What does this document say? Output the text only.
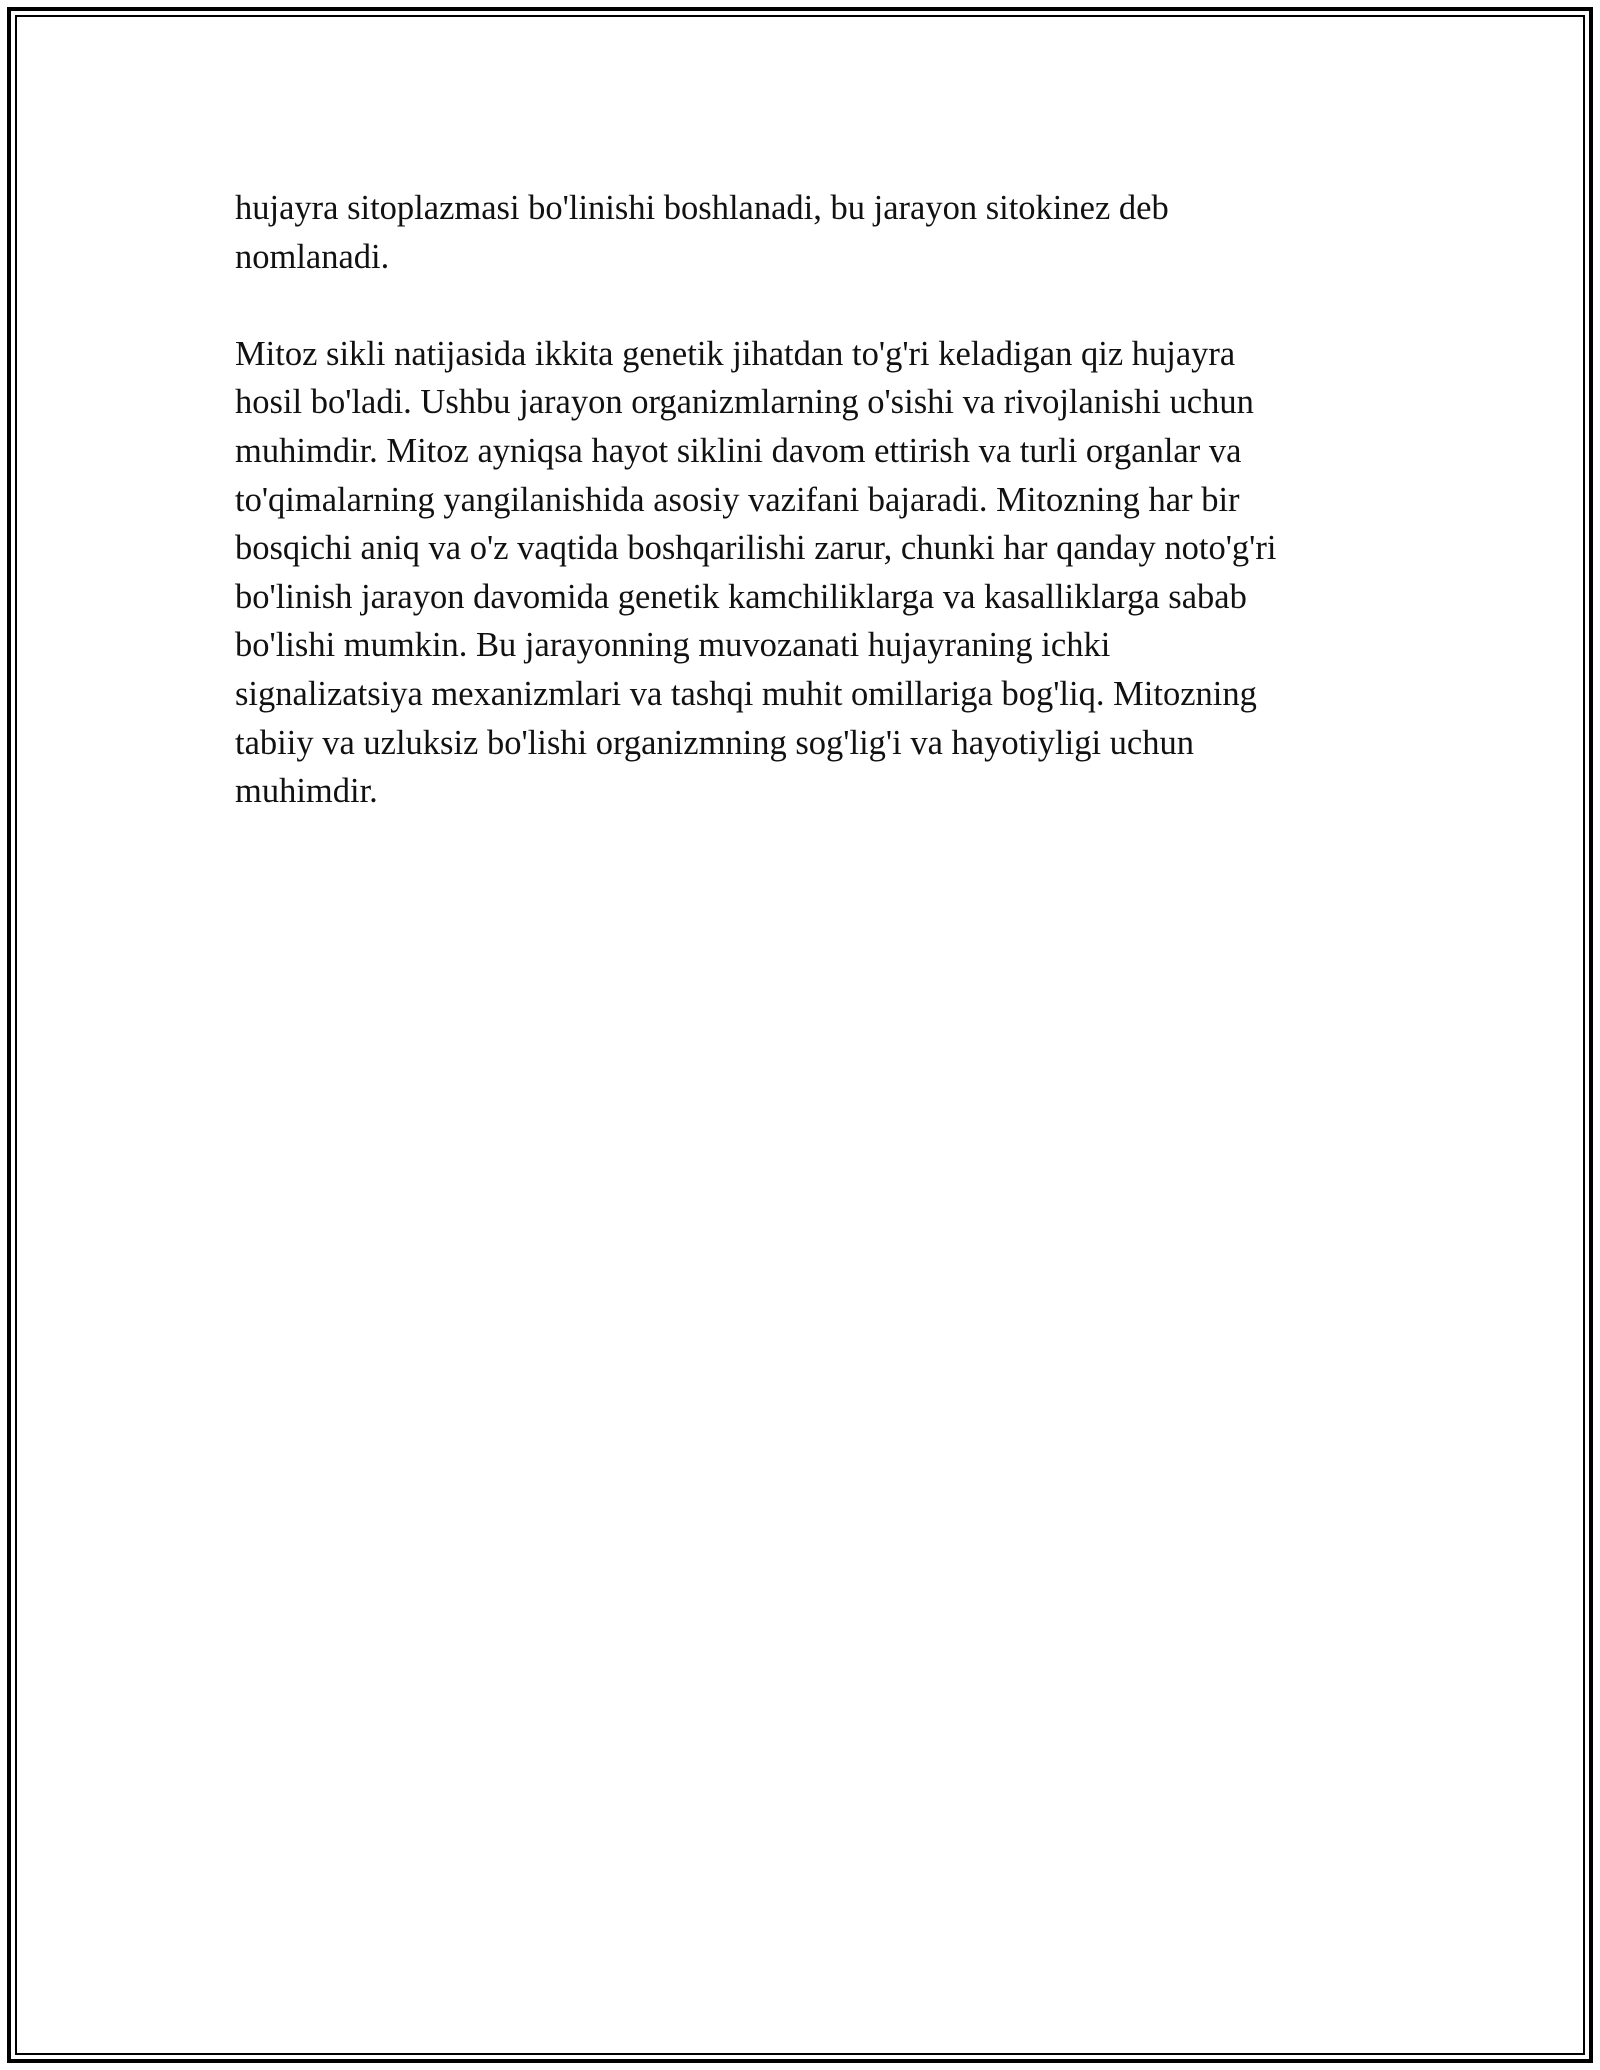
hujayra sitoplazmasi bo'linishi boshlanadi, bu jarayon sitokinez deb
nomlanadi.

Mitoz sikli natijasida ikkita genetik jihatdan to'g'ri keladigan qiz hujayra
hosil bo'ladi. Ushbu jarayon organizmlarning o'sishi va rivojlanishi uchun
muhimdir. Mitoz ayniqsa hayot siklini davom ettirish va turli organlar va
to'qimalarning yangilanishida asosiy vazifani bajaradi. Mitozning har bir
bosqichi aniq va o'z vaqtida boshqarilishi zarur, chunki har qanday noto'g'ri
bo'linish jarayon davomida genetik kamchiliklarga va kasalliklarga sabab
bo'lishi mumkin. Bu jarayonning muvozanati hujayraning ichki
signalizatsiya mexanizmlari va tashqi muhit omillariga bog'liq. Mitozning
tabiiy va uzluksiz bo'lishi organizmning sog'lig'i va hayotiyligi uchun
muhimdir.
